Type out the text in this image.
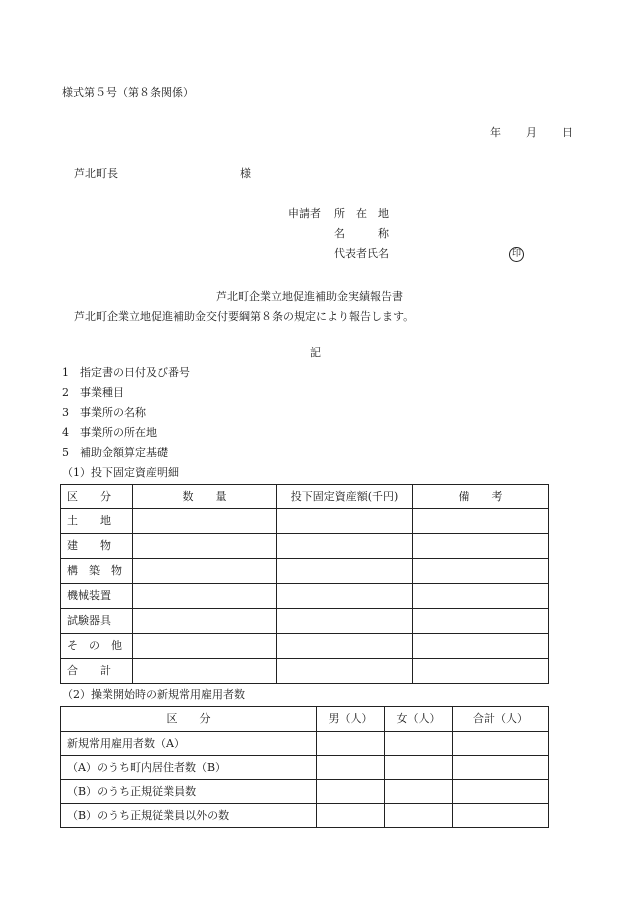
様式第５号（第８条関係）
年 月 日
芦北町長	様
申請者 所　在　地
名　　　称
代表者氏名	印
芦北町企業立地促進補助金実績報告書
芦北町企業立地促進補助金交付要綱第８条の規定により報告します。
記
1 指定書の日付及び番号
2 事業種目
3 事業所の名称
4 事業所の所在地
5 補助金額算定基礎
（1）投下固定資産明細
区　　分	数　　量	投下固定資産額(千円)	備　　考
土　　地			
建　　物			
構　築　物			
機械装置			
試験器具			
そ　の　他			
合　　計			
（2）操業開始時の新規常用雇用者数
区　　分	男（人）	女（人）	合計（人）
新規常用雇用者数（A）			
（A）のうち町内居住者数（B）			
（B）のうち正規従業員数			
（B）のうち正規従業員以外の数			
